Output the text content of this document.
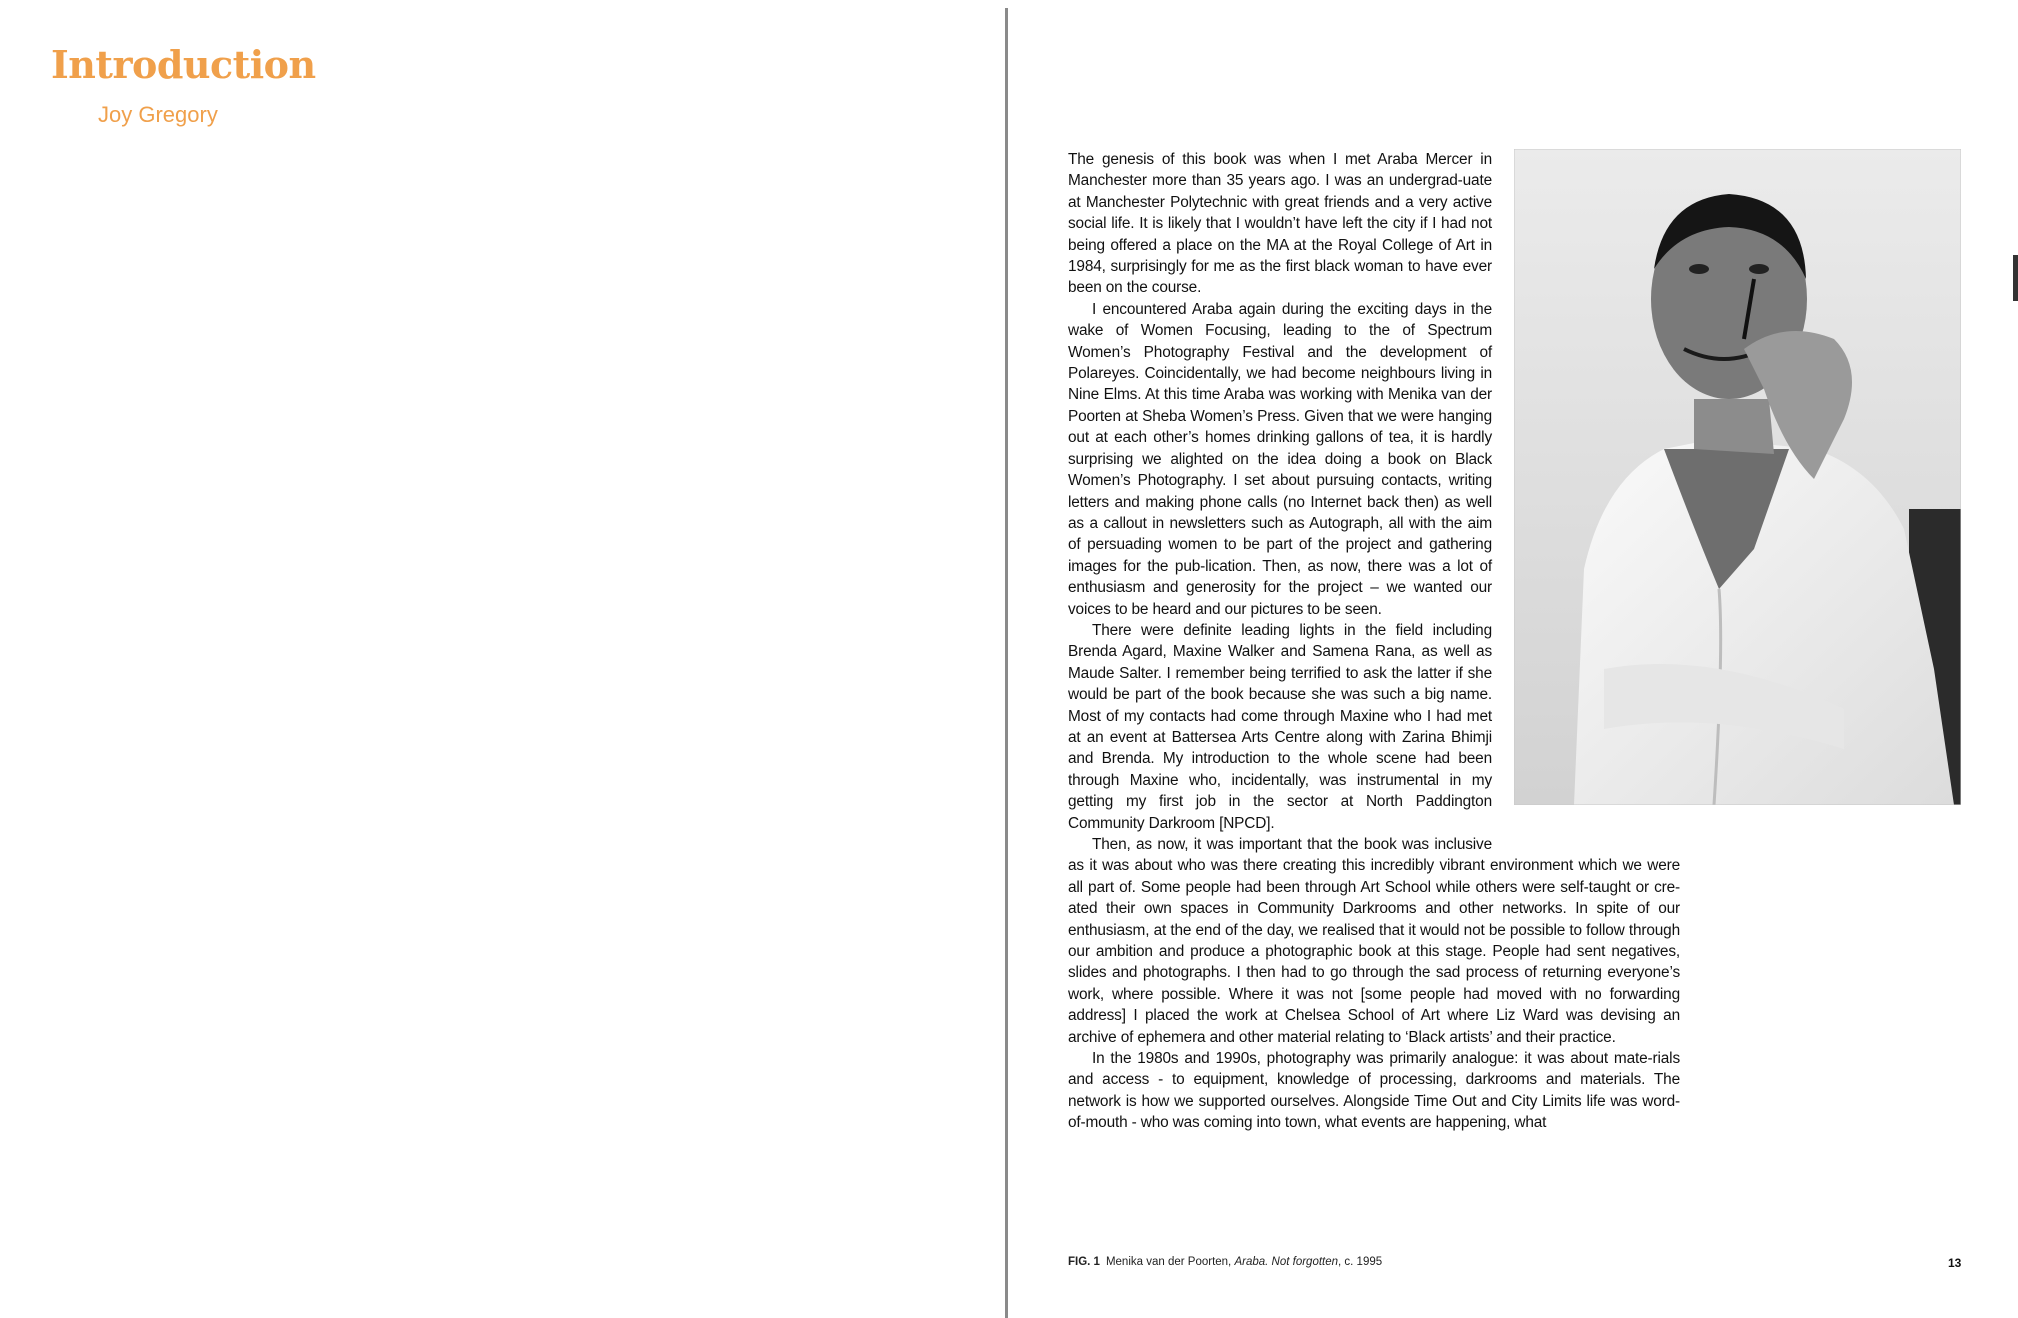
Introduction
Joy Gregory

The genesis of this book was when I met Araba Mercer in Manchester more than 35 years ago. I was an undergrad-uate at Manchester Polytechnic with great friends and a very active social life. It is likely that I wouldn’t have left the city if I had not being offered a place on the MA at the Royal College of Art in 1984, surprisingly for me as the first black woman to have ever been on the course.

I encountered Araba again during the exciting days in the wake of Women Focusing, leading to the of Spectrum Women’s Photography Festival and the development of Polareyes. Coincidentally, we had become neighbours living in Nine Elms. At this time Araba was working with Menika van der Poorten at Sheba Women’s Press. Given that we were hanging out at each other’s homes drinking gallons of tea, it is hardly surprising we alighted on the idea doing a book on Black Women’s Photography. I set about pursuing contacts, writing letters and making phone calls (no Internet back then) as well as a callout in newsletters such as Autograph, all with the aim of persuading women to be part of the project and gathering images for the pub-lication. Then, as now, there was a lot of enthusiasm and generosity for the project – we wanted our voices to be heard and our pictures to be seen.

There were definite leading lights in the field including Brenda Agard, Maxine Walker and Samena Rana, as well as Maude Salter. I remember being terrified to ask the latter if she would be part of the book because she was such a big name. Most of my contacts had come through Maxine who I had met at an event at Battersea Arts Centre along with Zarina Bhimji and Brenda. My introduction to the whole scene had been through Maxine who, incidentally, was instrumental in my getting my first job in the sector at North Paddington Community Darkroom [NPCD].

Then, as now, it was important that the book was inclusive as it was about who was there creating this incredibly vibrant environment which we were all part of. Some people had been through Art School while others were self-taught or cre-ated their own spaces in Community Darkrooms and other networks. In spite of our enthusiasm, at the end of the day, we realised that it would not be possible to follow through our ambition and produce a photographic book at this stage. People had sent negatives, slides and photographs. I then had to go through the sad process of returning everyone’s work, where possible. Where it was not [some people had moved with no forwarding address] I placed the work at Chelsea School of Art where Liz Ward was devising an archive of ephemera and other material relating to ‘Black artists’ and their practice.

In the 1980s and 1990s, photography was primarily analogue: it was about mate-rials and access - to equipment, knowledge of processing, darkrooms and materials. The network is how we supported ourselves. Alongside Time Out and City Limits life was word-of-mouth - who was coming into town, what events are happening, what

FIG. 1 Menika van der Poorten, Araba. Not forgotten, c. 1995	13
